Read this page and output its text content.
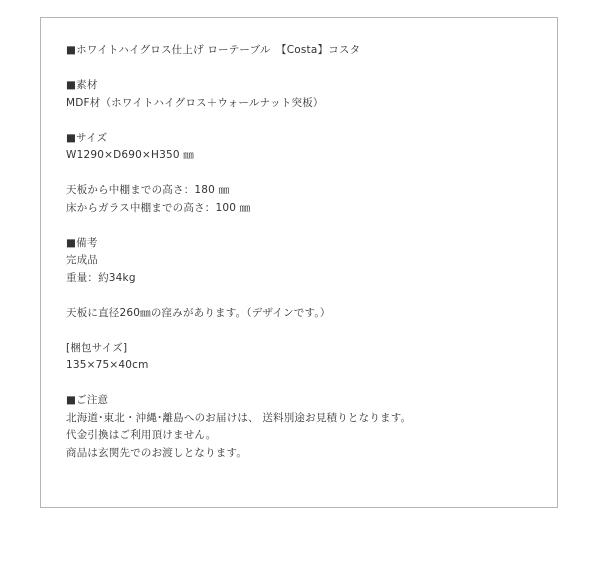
■ホワイトハイグロス仕上げ ローテーブル　【Costa】コスタ
■素材
MDF材（ホワイトハイグロス＋ウォールナット突板）
■サイズ
W1290×D690×H350 ㎜
天板から中棚までの高さ：180 ㎜
床からガラス中棚までの高さ：100 ㎜
■備考
完成品
重量：約34kg
天板に直径260㎜の窪みがあります。（デザインです。）
[梱包サイズ]
135×75×40cm
■ご注意
北海道･東北・沖縄･離島へのお届けは、 送料別途お見積りとなります。
代金引換はご利用頂けません。
商品は玄関先でのお渡しとなります。
